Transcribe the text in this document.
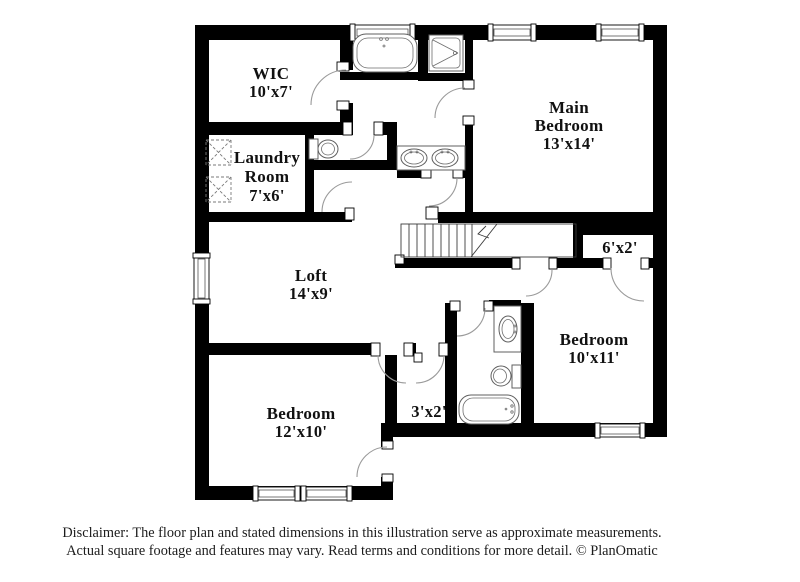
WIC
10'x7'
Laundry
Room
7'x6'
Main
Bedroom
13'x14'
6'x2'
Loft
14'x9'
Bedroom
10'x11'
3'x2'
Bedroom
12'x10'
Disclaimer: The floor plan and stated dimensions in this illustration serve as approximate measurements.
Actual square footage and features may vary. Read terms and conditions for more detail. © PlanOmatic
